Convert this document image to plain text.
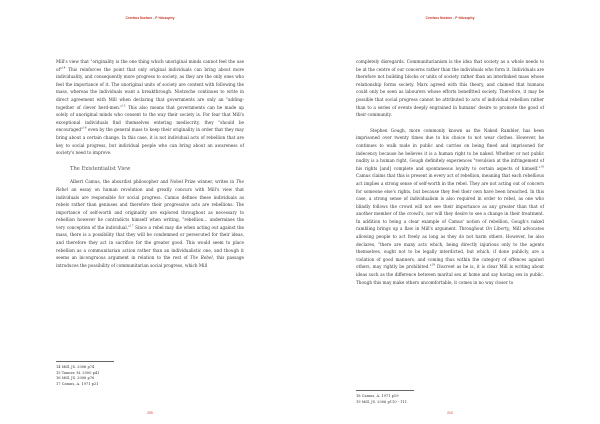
Cerebus Nurture - P hilosophy

Mill's view that "originality is the one thing which unoriginal minds cannot feel the use of"$^{14}$ This reinforces the point that only original individuals can bring about more individuality, and consequently more progress to society, as they are the only ones who feel the importance of it. The unoriginal units of society are content with following the mass, whereas the individuals want a breakthrough. Nietzsche continues to write in direct agreement with Mill when declaring that governments are only an "adding-together of clever herd-men."$^{15}$ This also means that governments can be made up solely of unoriginal minds who consent to the way their society is. For fear that Mill's exceptional individuals find themselves entering mediocrity, they "should be encouraged"$^{16}$ even by the general mass to keep their originality in order that they may bring about a certain change. In this case, it is not individual acts of rebellion that are key to social progress, but individual people who can bring about an awareness of society's need to improve.

The Existentialist View

Albert Camus, the absurdist philosopher and Nobel Prize winner, writes in The Rebel an essay on human revolution and greatly concurs with Mill's view that individuals are responsible for social progress. Camus defines these individuals as rebels rather than geniuses and therefore their progressive acts are rebellions. The importance of self-worth and originality are explored throughout as necessary to rebellion however he contradicts himself when writing, "rebellion... undermines the very conception of the individual."$^{17}$ Since a rebel may die when acting out against the mass, there is a possibility that they will be condemned or persecuted for their ideas, and therefore they act in sacrifice for the greater good. This would seem to place rebellion as a communitarian action rather than an individualistic one, and though it seems an incongruous argument in relation to the rest of The Rebel, this passage introduces the possibility of communitarian social progress, which Mill

14 Mill, JS. 2006 p74
15 Tanner, M. 2000 p41
16 Mill, JS. 2006 p76
17 Camus, A. 1971 p21
209
Cerebus Nurture - P hilosophy

completely disregards. Communitarianism is the idea that society as a whole needs to be at the centre of our concerns rather than the individuals who form it. Individuals are therefore not building blocks or units of society rather than an interlinked mass whose relationship forms society. Marx agreed with this theory, and claimed that humans could only be seen as labourers whose efforts benefitted society. Therefore, it may be possible that social progress cannot be attributed to acts of individual rebellion rather than to a series of events deeply engrained in humans' desire to promote the good of their community.

Stephen Gough, more commonly known as the Naked Rambler, has been imprisoned over twenty times due to his choice to not wear clothes. However, he continues to walk nude in public and carries on being fined and imprisoned for indecency because he believes it is a human right to be naked. Whether or not public nudity is a human right, Gough definitely experiences "revulsion at the infringement of his rights [and] complete and spontaneous loyalty to certain aspects of himself."$^{18}$ Camus claims that this is present in every act of rebellion, meaning that each rebellious act implies a strong sense of self-worth in the rebel. They are not acting out of concern for someone else's rights, but because they feel their own have been breached. In this case, a strong sense of individualism is also required in order to rebel, as one who blindly follows the crowd will not see their importance as any greater than that of another member of the crowd's, nor will they desire to see a change in their treatment. In addition to being a clear example of Camus' notion of rebellion, Gough's naked rambling brings up a flaw in Mill's argument. Throughout On Liberty, Mill advocates allowing people to act freely as long as they do not harm others. However, he also declares, "there are many acts which, being directly injurious only to the agents themselves, ought not to be legally interdicted, but which, if done publicly, are a violation of good manners, and coming thus within the category of offences against others, may rightly be prohibited."$^{19}$ Discreet as he is, it is clear Mill is writing about ideas such as the difference between marital sex at home and say having sex in public. Though this may make others uncomfortable, it comes in no way closer to

18 Camus, A. 1971 p19
19 Mill, JS. 2006 p110 - 111
210
